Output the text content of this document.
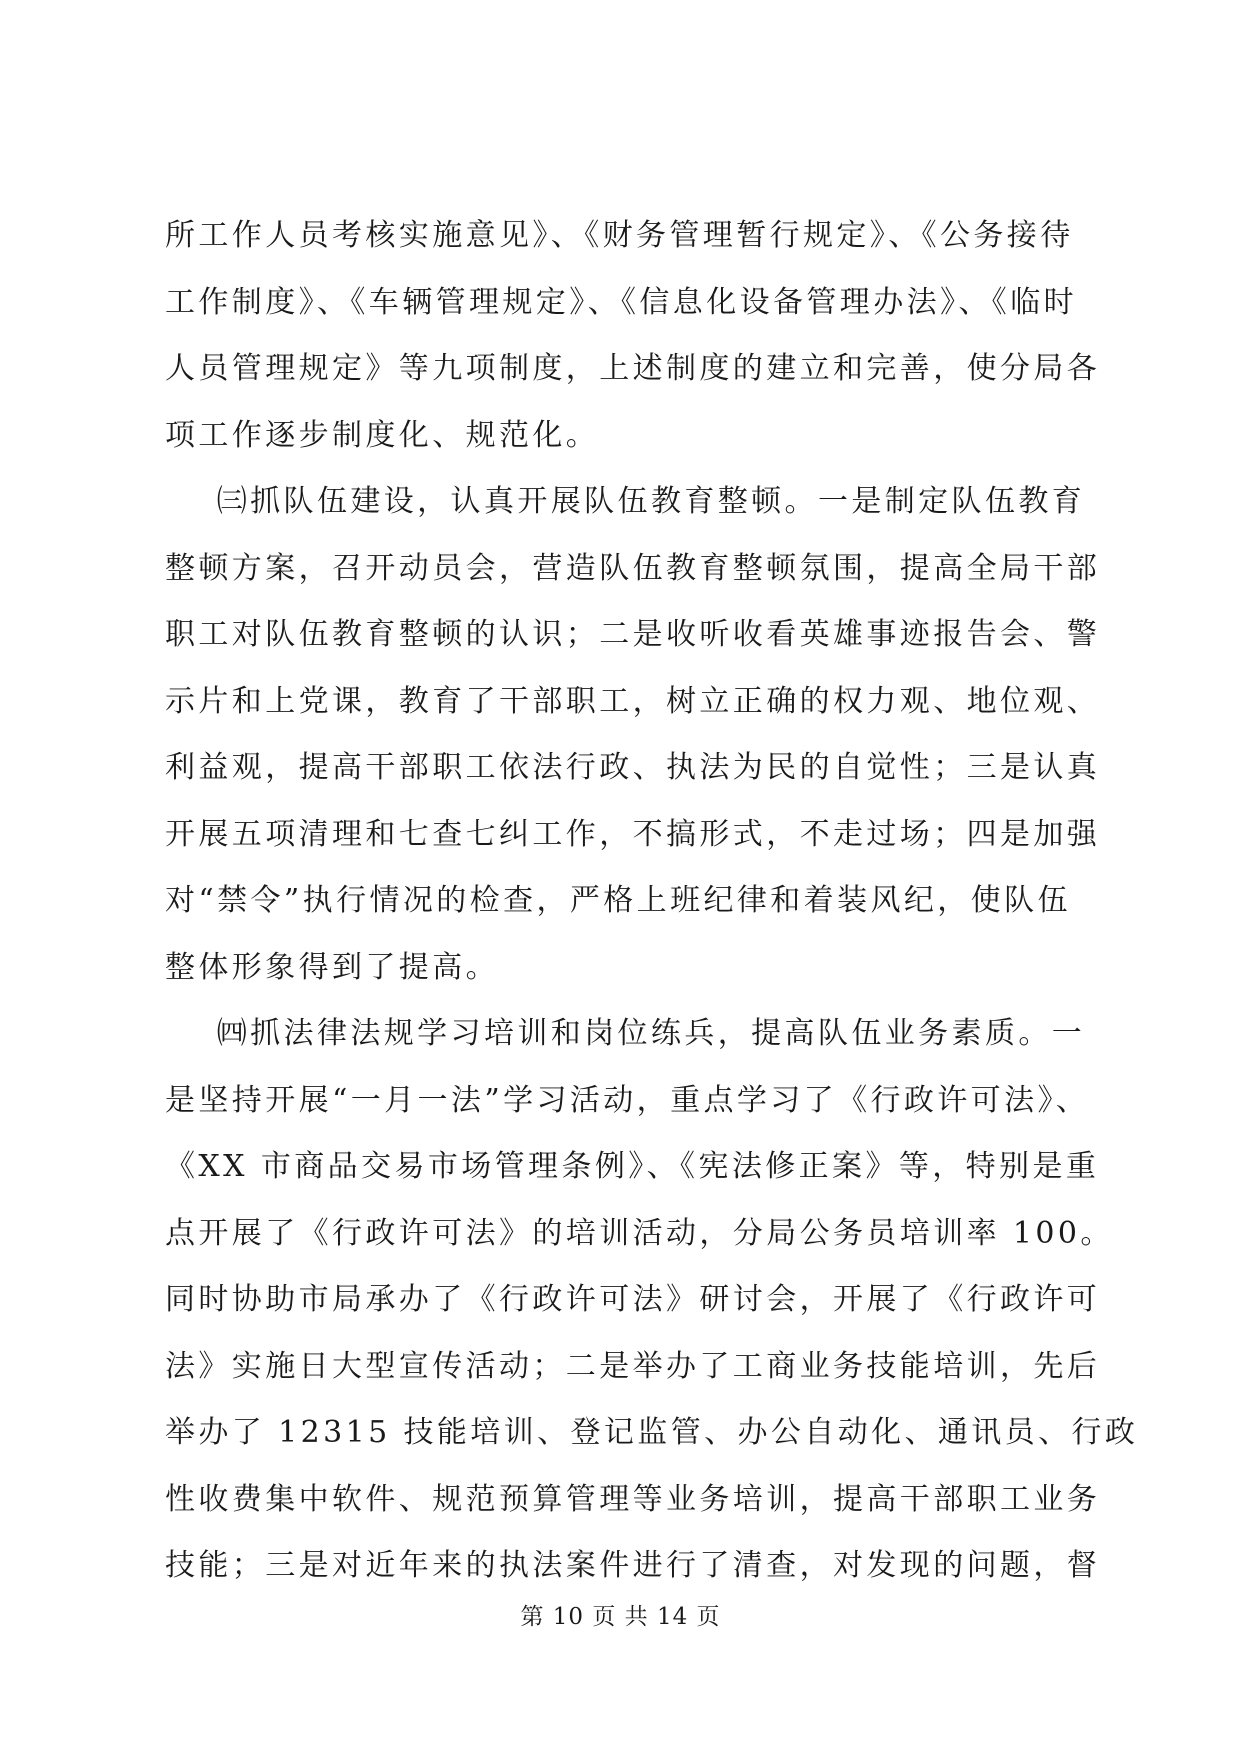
所工作人员考核实施意见》、《财务管理暂行规定》、《公务接待
工作制度》、《车辆管理规定》、《信息化设备管理办法》、《临时
人员管理规定》等九项制度，上述制度的建立和完善，使分局各
项工作逐步制度化、规范化。
㈢抓队伍建设，认真开展队伍教育整顿。一是制定队伍教育
整顿方案，召开动员会，营造队伍教育整顿氛围，提高全局干部
职工对队伍教育整顿的认识；二是收听收看英雄事迹报告会、警
示片和上党课，教育了干部职工，树立正确的权力观、地位观、
利益观，提高干部职工依法行政、执法为民的自觉性；三是认真
开展五项清理和七查七纠工作，不搞形式，不走过场；四是加强
对“禁令”执行情况的检查，严格上班纪律和着装风纪，使队伍
整体形象得到了提高。
㈣抓法律法规学习培训和岗位练兵，提高队伍业务素质。一
是坚持开展“一月一法”学习活动，重点学习了《行政许可法》、
《XX 市商品交易市场管理条例》、《宪法修正案》等，特别是重
点开展了《行政许可法》的培训活动，分局公务员培训率 100。
同时协助市局承办了《行政许可法》研讨会，开展了《行政许可
法》实施日大型宣传活动；二是举办了工商业务技能培训，先后
举办了 12315 技能培训、登记监管、办公自动化、通讯员、行政
性收费集中软件、规范预算管理等业务培训，提高干部职工业务
技能；三是对近年来的执法案件进行了清查，对发现的问题，督
第 10 页 共 14 页
